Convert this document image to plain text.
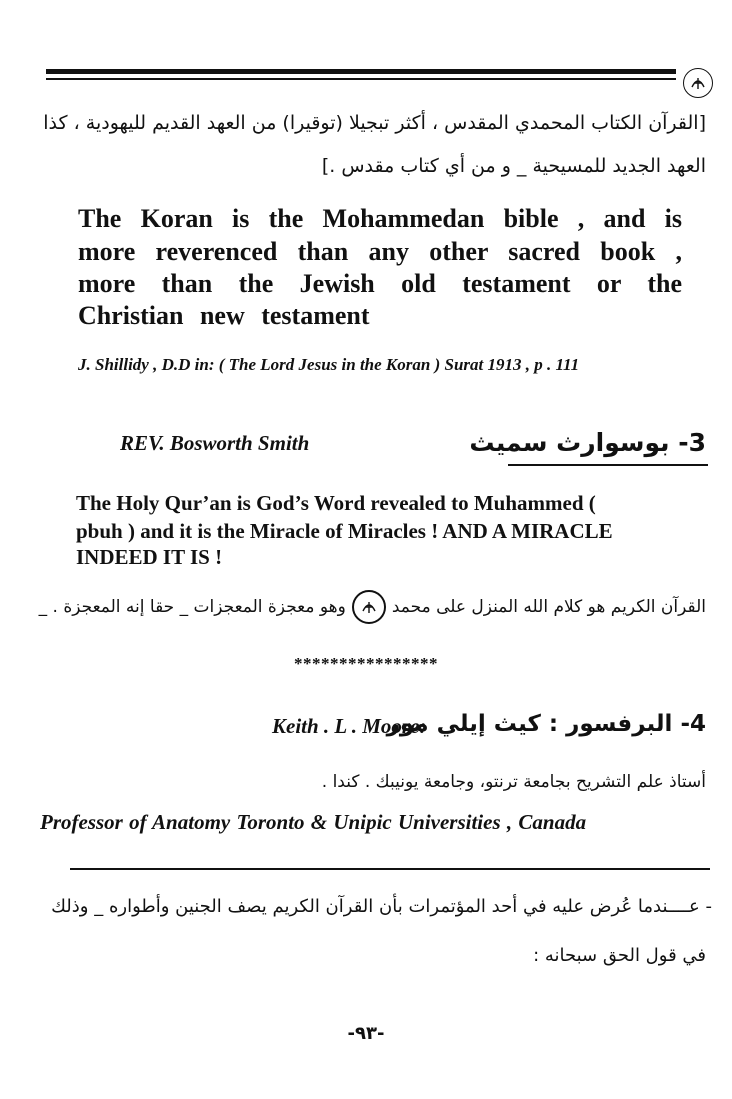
[القرآن الكتاب المحمدي المقدس ، أكثر تبجيلا (توقيرا) من العهد القديم لليهودية ، كذا
العهد الجديد للمسيحية _ و من أي كتاب مقدس .]
The Koran is the Mohammedan bible , and is
more reverenced than any other sacred book ,
more than the Jewish old testament or the
Christian new testament
J. Shillidy , D.D in: ( The Lord Jesus in the Koran ) Surat 1913 , p . 111
REV. Bosworth Smith	3- بوسوارث سميث
The Holy Qur’an is God’s Word revealed to Muhammed (
pbuh ) and it is the Miracle of Miracles ! AND A MIRACLE
INDEED IT IS !
القرآن الكريم هو كلام الله المنزل على محمد
وهو معجزة المعجزات _ حقا إنه المعجزة . _
****************
Keith . L . Moore:
4- البرفسور : كيث إيلي مور
أستاذ علم التشريح بجامعة ترنتو، وجامعة يونيبك . كندا .
Professor of Anatomy Toronto & Unipic Universities , Canada
- عــــندما عُرض عليه في أحد المؤتمرات بأن القرآن الكريم يصف الجنين وأطواره _ وذلك
في قول الحق سبحانه :
-٩٣-
